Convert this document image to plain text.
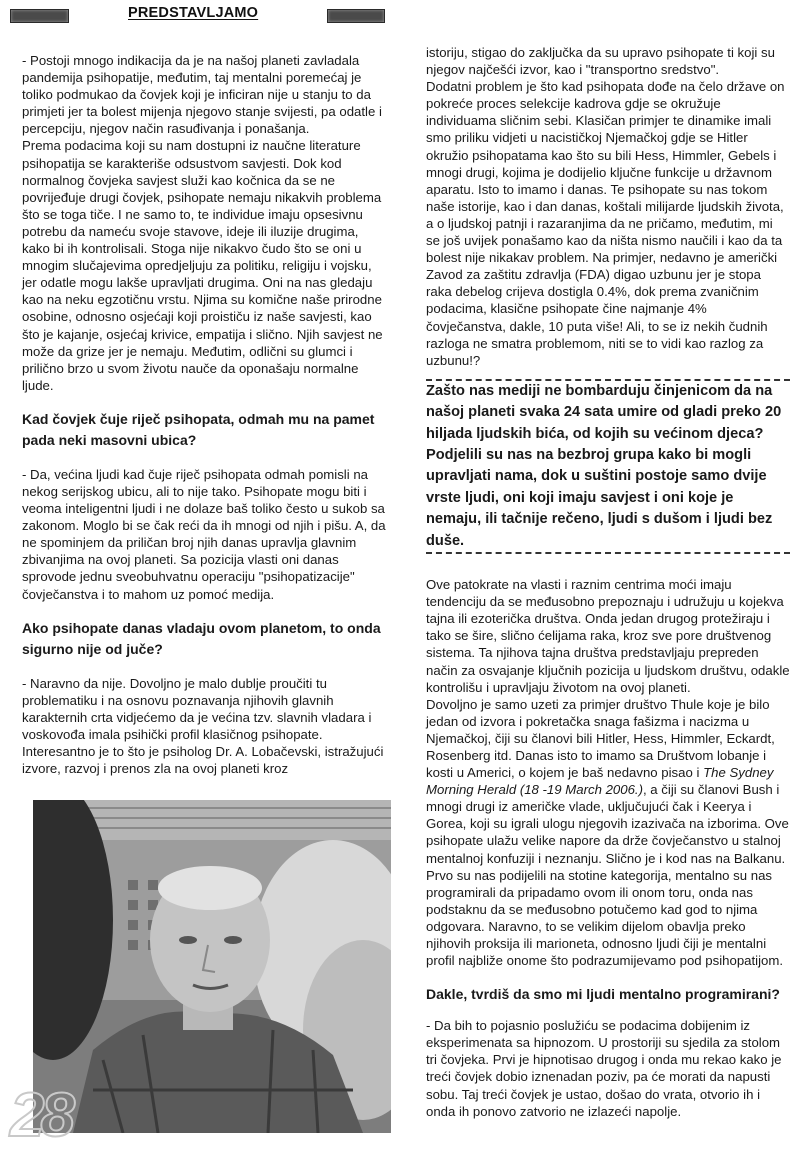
PREDSTAVLJAMO

- Postoji mnogo indikacija da je na našoj planeti zavladala pandemija psihopatije, međutim, taj mentalni poremećaj je toliko podmukao da čovjek koji je inficiran nije u stanju to da primjeti jer ta bolest mijenja njegovo stanje svijesti, pa odatle i percepciju, njegov način rasuđivanja i ponašanja.

Prema podacima koji su nam dostupni iz naučne literature psihopatija se karakteriše odsustvom savjesti. Dok kod normalnog čovjeka savjest služi kao kočnica da se ne povrijeđuje drugi čovjek, psihopate nemaju nikakvih problema što se toga tiče. I ne samo to, te individue imaju opsesivnu potrebu da nameću svoje stavove, ideje ili iluzije drugima, kako bi ih kontrolisali. Stoga nije nikakvo čudo što se oni u mnogim slučajevima opredjeljuju za politiku, religiju i vojsku, jer odatle mogu lakše upravljati drugima. Oni na nas gledaju kao na neku egzotičnu vrstu. Njima su komične naše prirodne osobine, odnosno osjećaji koji proističu iz naše savjesti, kao što je kajanje, osjećaj krivice, empatija i slično. Njih savjest ne može da grize jer je nemaju. Međutim, odlični su glumci i prilično brzo u svom životu nauče da oponašaju normalne ljude.

Kad čovjek čuje riječ psihopata, odmah mu na pamet pada neki masovni ubica?

- Da, većina ljudi kad čuje riječ psihopata odmah pomisli na nekog serijskog ubicu, ali to nije tako. Psihopate mogu biti i veoma inteligentni ljudi i ne dolaze baš toliko često u sukob sa zakonom. Moglo bi se čak reći da ih mnogi od njih i pišu. A, da ne spominjem da priličan broj njih danas upravlja glavnim zbivanjima na ovoj planeti. Sa pozicija vlasti oni danas sprovode jednu sveobuhvatnu operaciju "psihopatizacije" čovječanstva i to mahom uz pomoć medija.

Ako psihopate danas vladaju ovom planetom, to onda sigurno nije od juče?

- Naravno da nije. Dovoljno je malo dublje proučiti tu problematiku i na osnovu poznavanja njihovih glavnih karakternih crta vidjećemo da je većina tzv. slavnih vladara i voskovođa imala psihički profil klasičnog psihopate. Interesantno je to što je psiholog Dr. A. Lobačevski, istražujući izvore, razvoj i prenos zla na ovoj planeti kroz

28

istoriju, stigao do zaključka da su upravo psihopate ti koji su njegov najčešći izvor, kao i "transportno sredstvo".

Dodatni problem je što kad psihopata dođe na čelo države on pokreće proces selekcije kadrova gdje se okružuje individuama sličnim sebi. Klasičan primjer te dinamike imali smo priliku vidjeti u nacističkoj Njemačkoj gdje se Hitler okružio psihopatama kao što su bili Hess, Himmler, Gebels i mnogi drugi, kojima je dodijelio ključne funkcije u državnom aparatu. Isto to imamo i danas. Te psihopate su nas tokom naše istorije, kao i dan danas, koštali milijarde ljudskih života, a o ljudskoj patnji i razaranjima da ne pričamo, međutim, mi se još uvijek ponašamo kao da ništa nismo naučili i kao da ta bolest nije nikakav problem. Na primjer, nedavno je američki Zavod za zaštitu zdravlja (FDA) digao uzbunu jer je stopa raka debelog crijeva dostigla 0.4%, dok prema zvaničnim podacima, klasične psihopate čine najmanje 4% čovječanstva, dakle, 10 puta više! Ali, to se iz nekih čudnih razloga ne smatra problemom, niti se to vidi kao razlog za uzbunu!?

Zašto nas mediji ne bombarduju činjenicom da na našoj planeti svaka 24 sata umire od gladi preko 20 hiljada ljudskih bića, od kojih su većinom djeca? Podjelili su nas na bezbroj grupa kako bi mogli upravljati nama, dok u suštini postoje samo dvije vrste ljudi, oni koji imaju savjest i oni koje je nemaju, ili tačnije rečeno, ljudi s dušom i ljudi bez duše.

Ove patokrate na vlasti i raznim centrima moći imaju tendenciju da se međusobno prepoznaju i udružuju u kojekva tajna ili ezoterička društva. Onda jedan drugog protežiraju i tako se šire, slično ćelijama raka, kroz sve pore društvenog sistema. Ta njihova tajna društva predstavljaju prepreden način za osvajanje ključnih pozicija u ljudskom društvu, odakle kontrolišu i upravljaju životom na ovoj planeti.

Dovoljno je samo uzeti za primjer društvo Thule koje je bilo jedan od izvora i pokretačka snaga fašizma i nacizma u Njemačkoj, čiji su članovi bili Hitler, Hess, Himmler, Eckardt, Rosenberg itd. Danas isto to imamo sa Društvom lobanje i kosti u Americi, o kojem je baš nedavno pisao i The Sydney Morning Herald (18 -19 March 2006.), a čiji su članovi Bush i mnogi drugi iz američke vlade, uključujući čak i Keerya i Gorea, koji su igrali ulogu njegovih izazivača na izborima. Ove psihopate ulažu velike napore da drže čovječanstvo u stalnoj mentalnoj konfuziji i neznanju. Slično je i kod nas na Balkanu.

Prvo su nas podijelili na stotine kategorija, mentalno su nas programirali da pripadamo ovom ili onom toru, onda nas podstaknu da se međusobno potučemo kad god to njima odgovara. Naravno, to se velikim dijelom obavlja preko njihovih proksija ili marioneta, odnosno ljudi čiji je mentalni profil najbliže onome što podrazumijevamo pod psihopatijom.

Dakle, tvrdiš da smo mi ljudi mentalno programirani?

- Da bih to pojasnio poslužiću se podacima dobijenim iz eksperimenata sa hipnozom. U prostoriji su sjedila za stolom tri čovjeka. Prvi je hipnotisao drugog i onda mu rekao kako je treći čovjek dobio iznenadan poziv, pa će morati da napusti sobu. Taj treći čovjek je ustao, došao do vrata, otvorio ih i onda ih ponovo zatvorio ne izlazeći napolje.
